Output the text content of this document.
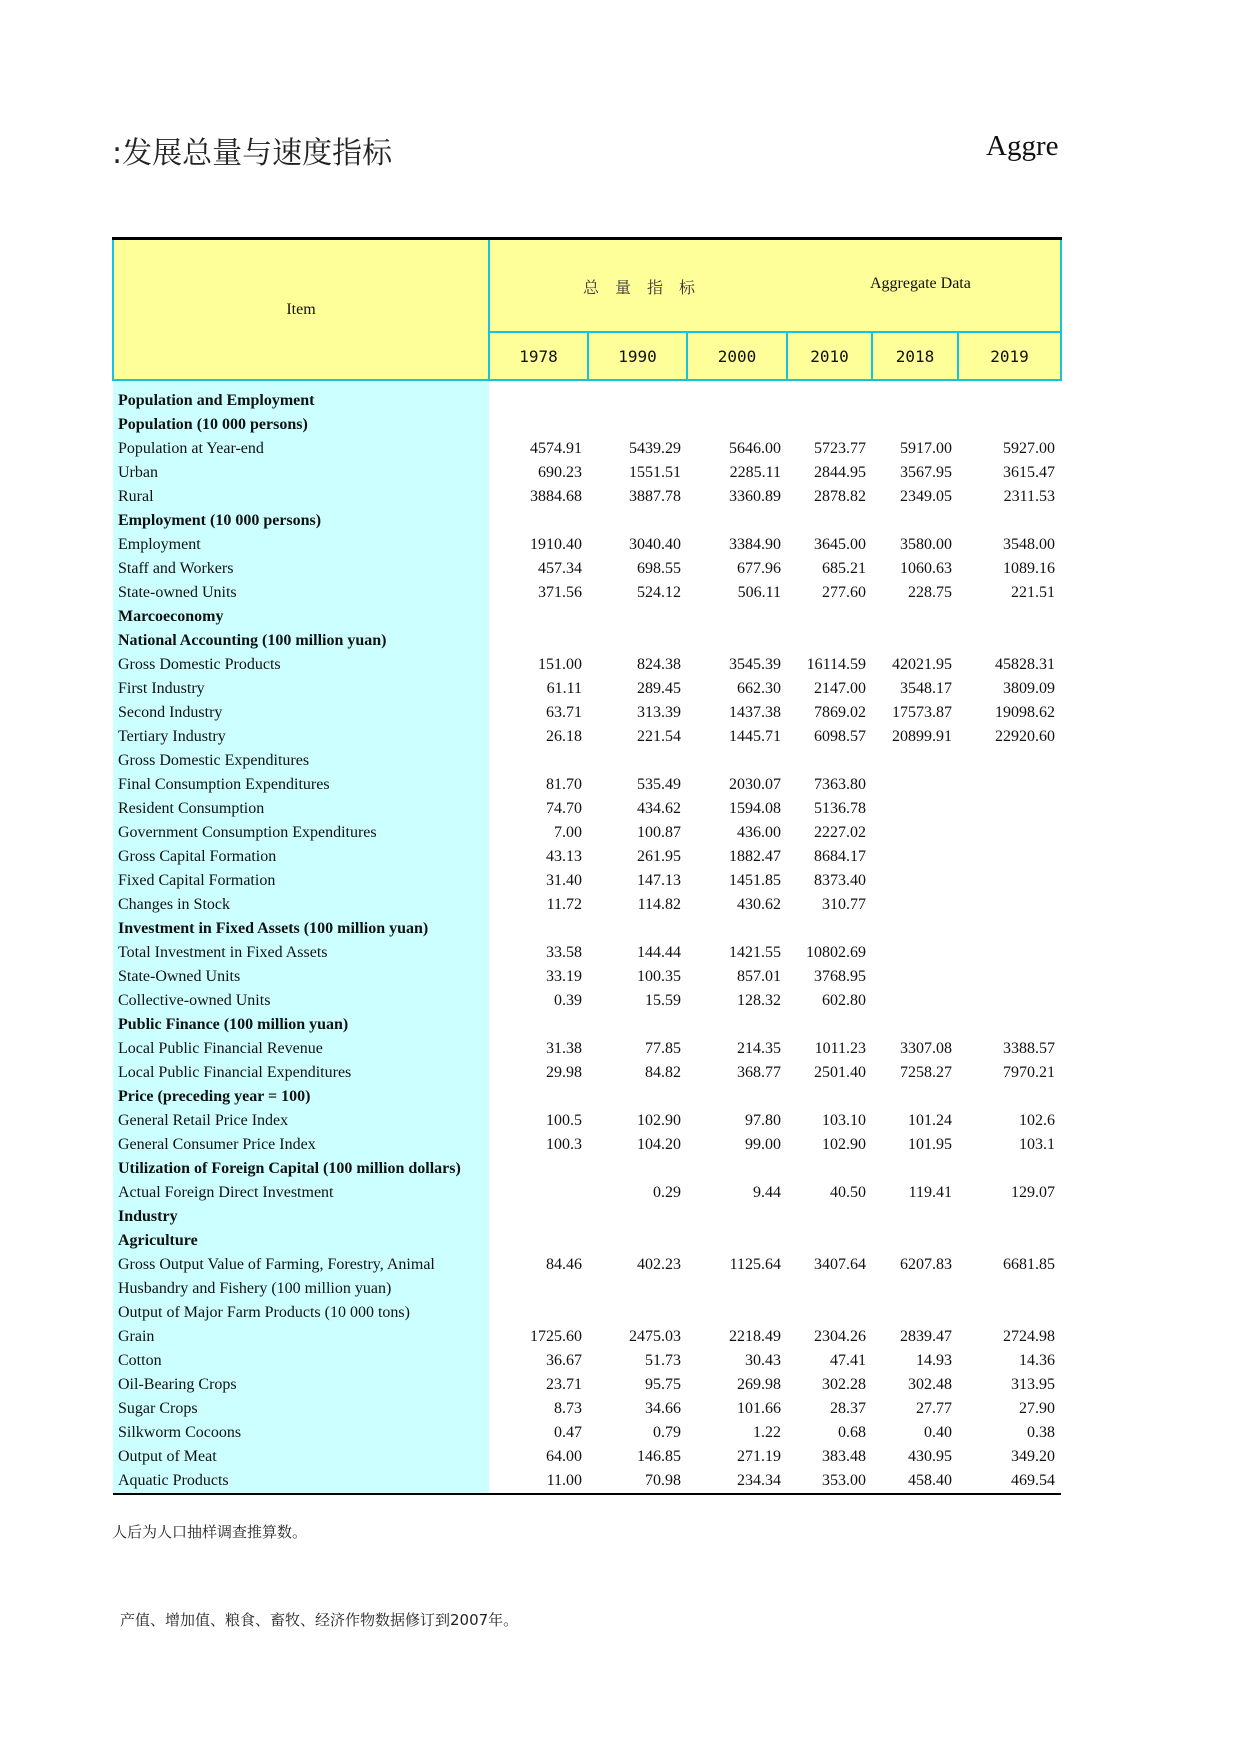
:发展总量与速度指标	Aggre
Item	总量指标 Aggregate Data					

	1978	1990	2000	2010	2018	2019

Population and Employment						
Population (10 000 persons)						
Population at Year-end	4574.91	5439.29	5646.00	5723.77	5917.00	5927.00
Urban	690.23	1551.51	2285.11	2844.95	3567.95	3615.47
Rural	3884.68	3887.78	3360.89	2878.82	2349.05	2311.53
Employment (10 000 persons)						
Employment	1910.40	3040.40	3384.90	3645.00	3580.00	3548.00
Staff and Workers	457.34	698.55	677.96	685.21	1060.63	1089.16
State-owned Units	371.56	524.12	506.11	277.60	228.75	221.51
Marcoeconomy						
National Accounting (100 million yuan)						
Gross Domestic Products	151.00	824.38	3545.39	16114.59	42021.95	45828.31
First Industry	61.11	289.45	662.30	2147.00	3548.17	3809.09
Second Industry	63.71	313.39	1437.38	7869.02	17573.87	19098.62
Tertiary Industry	26.18	221.54	1445.71	6098.57	20899.91	22920.60
Gross Domestic Expenditures						
Final Consumption Expenditures	81.70	535.49	2030.07	7363.80		
Resident Consumption	74.70	434.62	1594.08	5136.78		
Government Consumption Expenditures	7.00	100.87	436.00	2227.02		
Gross Capital Formation	43.13	261.95	1882.47	8684.17		
Fixed Capital Formation	31.40	147.13	1451.85	8373.40		
Changes in Stock	11.72	114.82	430.62	310.77		
Investment in Fixed Assets (100 million yuan)						
Total Investment in Fixed Assets	33.58	144.44	1421.55	10802.69		
State-Owned Units	33.19	100.35	857.01	3768.95		
Collective-owned Units	0.39	15.59	128.32	602.80		
Public Finance (100 million yuan)						
Local Public Financial Revenue	31.38	77.85	214.35	1011.23	3307.08	3388.57
Local Public Financial Expenditures	29.98	84.82	368.77	2501.40	7258.27	7970.21
Price (preceding year = 100)						
General Retail Price Index	100.5	102.90	97.80	103.10	101.24	102.6
General Consumer Price Index	100.3	104.20	99.00	102.90	101.95	103.1
Utilization of Foreign Capital (100 million dollars)						
Actual Foreign Direct Investment		0.29	9.44	40.50	119.41	129.07
Industry						
Agriculture						
Gross Output Value of Farming, Forestry, Animal	84.46	402.23	1125.64	3407.64	6207.83	6681.85
Husbandry and Fishery (100 million yuan)						
Output of Major Farm Products (10 000 tons)						
Grain	1725.60	2475.03	2218.49	2304.26	2839.47	2724.98
Cotton	36.67	51.73	30.43	47.41	14.93	14.36
Oil-Bearing Crops	23.71	95.75	269.98	302.28	302.48	313.95
Sugar Crops	8.73	34.66	101.66	28.37	27.77	27.90
Silkworm Cocoons	0.47	0.79	1.22	0.68	0.40	0.38
Output of Meat	64.00	146.85	271.19	383.48	430.95	349.20
Aquatic Products	11.00	70.98	234.34	353.00	458.40	469.54
人后为人口抽样调查推算数。
产值、增加值、粮食、畜牧、经济作物数据修订到2007年。
